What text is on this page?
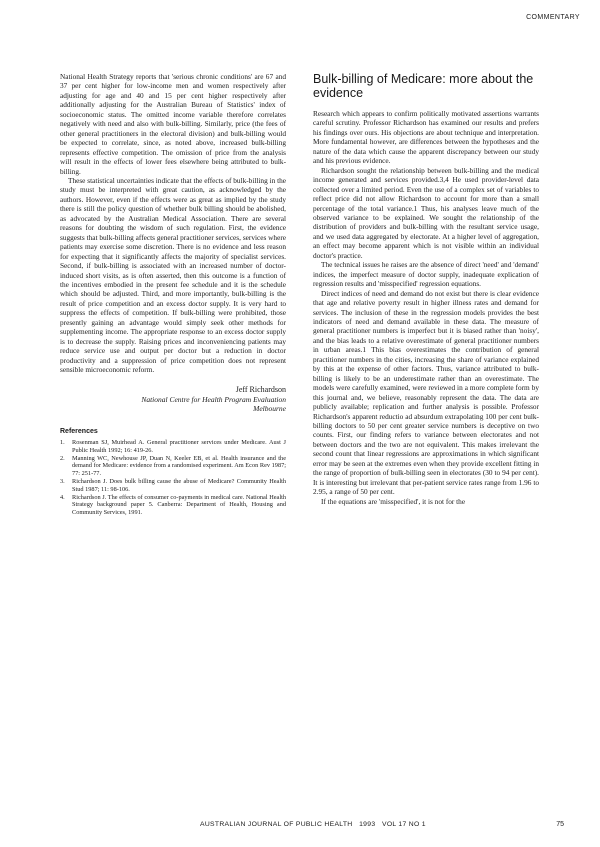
COMMENTARY

National Health Strategy reports that 'serious chronic conditions' are 67 and 37 per cent higher for low-income men and women respectively after adjusting for age and 40 and 15 per cent higher respectively after additionally adjusting for the Australian Bureau of Statistics' index of socioeconomic status. The omitted income variable therefore correlates negatively with need and also with bulk-billing. Similarly, price (the fees of other general practitioners in the electoral division) and bulk-billing would be expected to correlate, since, as noted above, increased bulk-billing represents effective competition. The omission of price from the analysis will result in the effects of lower fees elsewhere being attributed to bulk-billing.

These statistical uncertainties indicate that the effects of bulk-billing in the study must be interpreted with great caution, as acknowledged by the authors. However, even if the effects were as great as implied by the study there is still the policy question of whether bulk billing should be abolished, as advocated by the Australian Medical Association. There are several reasons for doubting the wisdom of such regulation. First, the evidence suggests that bulk-billing affects general practitioner services, services where patients may exercise some discretion. There is no evidence and less reason for expecting that it significantly affects the majority of specialist services. Second, if bulk-billing is associated with an increased number of doctor-induced short visits, as is often asserted, then this outcome is a function of the incentives embodied in the present fee schedule and it is the schedule which should be adjusted. Third, and more importantly, bulk-billing is the result of price competition and an excess doctor supply. It is very hard to suppress the effects of competition. If bulk-billing were prohibited, those presently gaining an advantage would simply seek other methods for supplementing income. The appropriate response to an excess doctor supply is to decrease the supply. Raising prices and inconveniencing patients may reduce service use and output per doctor but a reduction in doctor productivity and a suppression of price competition does not represent sensible microeconomic reform.

Jeff Richardson
National Centre for Health Program Evaluation
Melbourne
References
1.	Rosenman SJ, Muirhead A. General practitioner services under Medicare. Aust J Public Health 1992; 16: 419-26.
2.	Manning WC, Newhouse JP, Duan N, Keeler EB, et al. Health insurance and the demand for Medicare: evidence from a randomised experiment. Am Econ Rev 1987; 77: 251-77.
3.	Richardson J. Does bulk billing cause the abuse of Medicare? Community Health Stud 1987; 11: 98-106.
4.	Richardson J. The effects of consumer co-payments in medical care. National Health Strategy background paper 5. Canberra: Department of Health, Housing and Community Services, 1991.
Bulk-billing of Medicare: more about the evidence

Research which appears to confirm politically motivated assertions warrants careful scrutiny. Professor Richardson has examined our results and prefers his findings over ours. His objections are about technique and interpretation. More fundamental however, are differences between the hypotheses and the nature of the data which cause the apparent discrepancy between our study and his previous evidence.

Richardson sought the relationship between bulk-billing and the medical income generated and services provided.3,4 He used provider-level data collected over a limited period. Even the use of a complex set of variables to reflect price did not allow Richardson to account for more than a small percentage of the total variance.1 Thus, his analyses leave much of the observed variance to be explained. We sought the relationship of the distribution of providers and bulk-billing with the resultant service usage, and we used data aggregated by electorate. At a higher level of aggregation, an effect may become apparent which is not visible within an individual doctor's practice.

The technical issues he raises are the absence of direct 'need' and 'demand' indices, the imperfect measure of doctor supply, inadequate explication of regression results and 'misspecified' regression equations.

Direct indices of need and demand do not exist but there is clear evidence that age and relative poverty result in higher illness rates and demand for services. The inclusion of these in the regression models provides the best indicators of need and demand available in these data. The measure of general practitioner numbers is imperfect but it is biased rather than 'noisy', and the bias leads to a relative overestimate of general practitioner numbers in urban areas.1 This bias overestimates the contribution of general practitioner numbers in the cities, increasing the share of variance explained by this at the expense of other factors. Thus, variance attributed to bulk-billing is likely to be an underestimate rather than an overestimate. The models were carefully examined, were reviewed in a more complete form by this journal and, we believe, reasonably represent the data. The data are publicly available; replication and further analysis is possible. Professor Richardson's apparent reductio ad absurdum extrapolating 100 per cent bulk-billing doctors to 50 per cent greater service numbers is deceptive on two counts. First, our finding refers to variance between electorates and not between doctors and the two are not equivalent. This makes irrelevant the second count that linear regressions are approximations in which significant error may be seen at the extremes even when they provide excellent fitting in the range of proportion of bulk-billing seen in electorates (30 to 94 per cent). It is interesting but irrelevant that per-patient service rates range from 1.96 to 2.95, a range of 50 per cent.

If the equations are 'misspecified', it is not for the

AUSTRALIAN JOURNAL OF PUBLIC HEALTH 1993 VOL 17 NO 1	75
